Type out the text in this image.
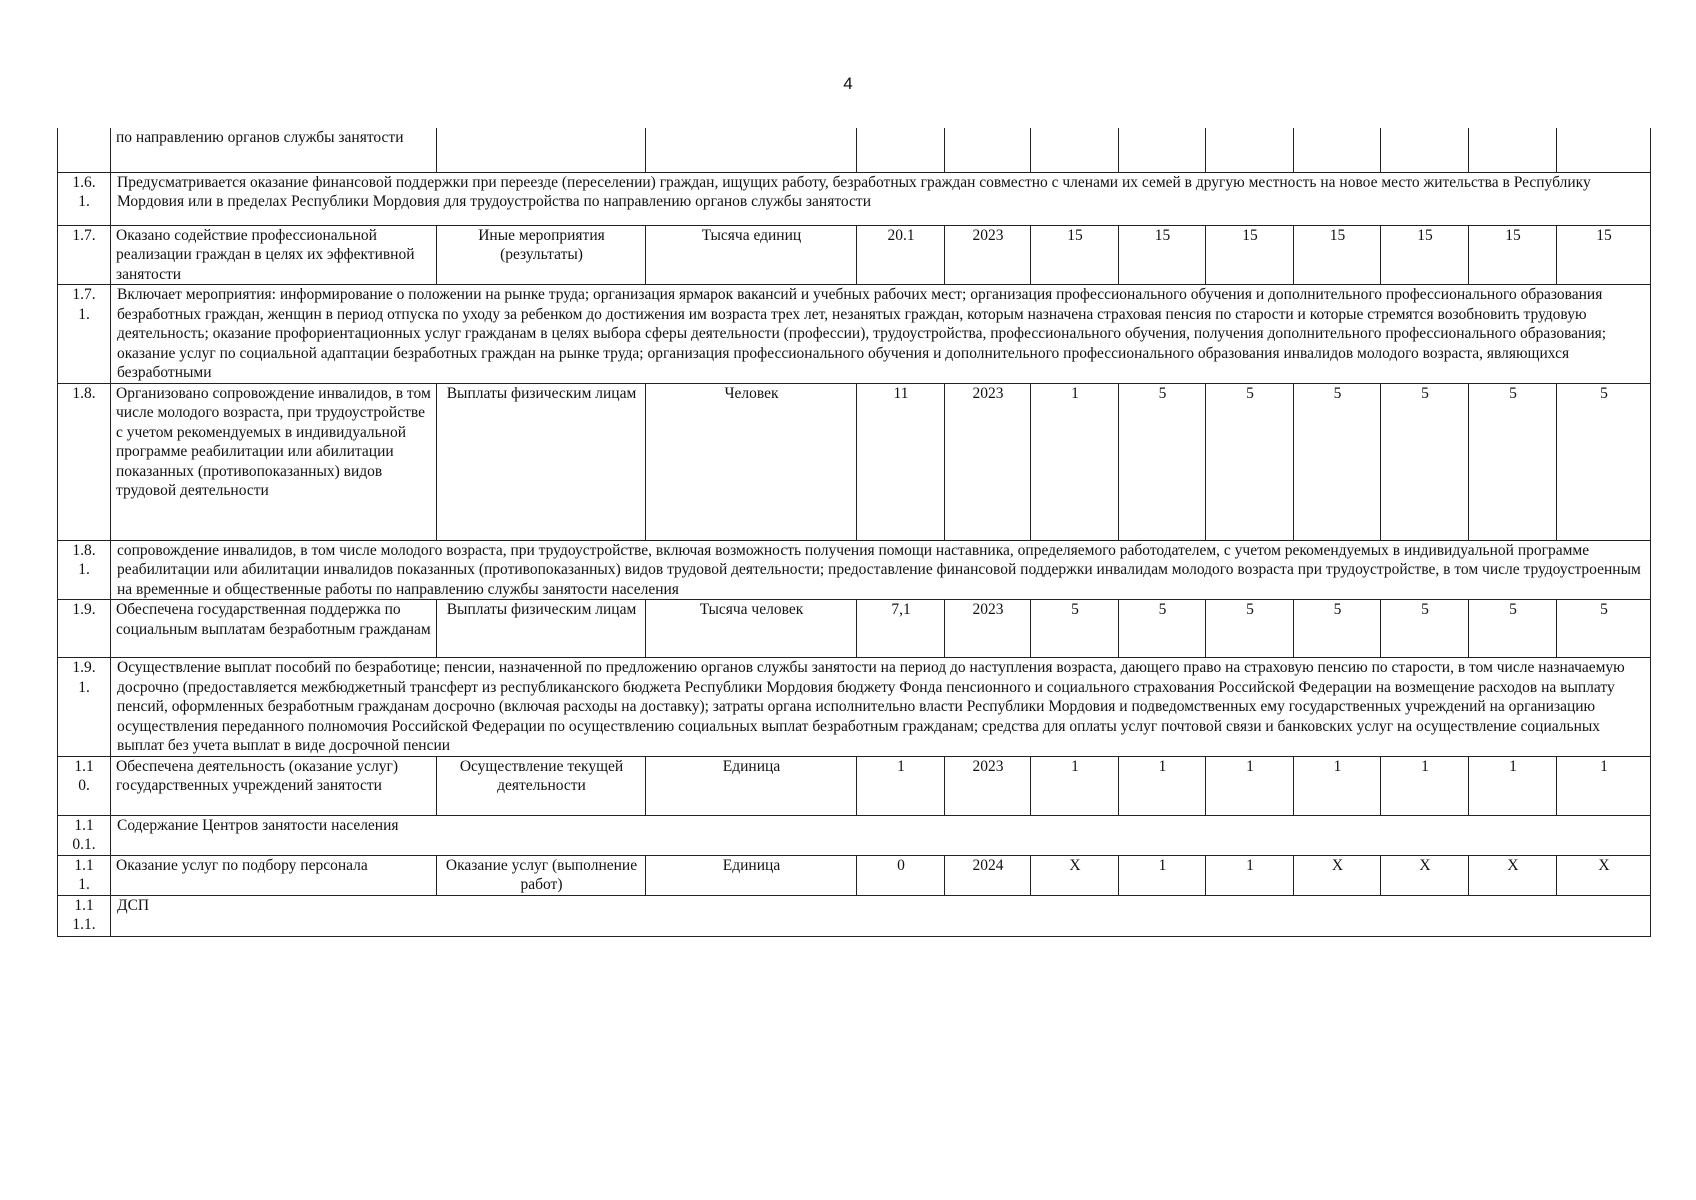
4
	по направлению органов службы занятости											
1.6.
1.	Предусматривается оказание финансовой поддержки при переезде (переселении) граждан, ищущих работу, безработных граждан совместно с членами их семей в другую местность на новое место жительства в Республику Мордовия или в пределах Республики Мордовия для трудоустройства по направлению органов службы занятости											
1.7.	Оказано содействие профессиональной реализации граждан в целях их эффективной занятости	Иные мероприятия (результаты)	Тысяча единиц	20.1	2023	15	15	15	15	15	15	15
1.7.
1.	Включает мероприятия: информирование о положении на рынке труда; организация ярмарок вакансий и учебных рабочих мест; организация профессионального обучения и дополнительного профессионального образования безработных граждан, женщин в период отпуска по уходу за ребенком до достижения им возраста трех лет, незанятых граждан, которым назначена страховая пенсия по старости и которые стремятся возобновить трудовую деятельность; оказание профориентационных услуг гражданам в целях выбора сферы деятельности (профессии), трудоустройства, профессионального обучения, получения дополнительного профессионального образования; оказание услуг по социальной адаптации безработных граждан на рынке труда; организация профессионального обучения и дополнительного профессионального образования инвалидов молодого возраста, являющихся безработными											
1.8.	Организовано сопровождение инвалидов, в том числе молодого возраста, при трудоустройстве с учетом рекомендуемых в индивидуальной программе реабилитации или абилитации показанных (противопоказанных) видов трудовой деятельности	Выплаты физическим лицам	Человек	11	2023	1	5	5	5	5	5	5
1.8.
1.	сопровождение инвалидов, в том числе молодого возраста, при трудоустройстве, включая возможность получения помощи наставника, определяемого работодателем, с учетом рекомендуемых в индивидуальной программе реабилитации или абилитации инвалидов показанных (противопоказанных) видов трудовой деятельности; предоставление финансовой поддержки инвалидам молодого возраста при трудоустройстве, в том числе трудоустроенным на временные и общественные работы по направлению службы занятости населения											
1.9.	Обеспечена государственная поддержка по социальным выплатам безработным гражданам	Выплаты физическим лицам	Тысяча человек	7,1	2023	5	5	5	5	5	5	5
1.9.
1.	Осуществление выплат пособий по безработице; пенсии, назначенной по предложению органов службы занятости на период до наступления возраста, дающего право на страховую пенсию по старости, в том числе назначаемую досрочно (предоставляется межбюджетный трансферт из республиканского бюджета Республики Мордовия бюджету Фонда пенсионного и социального страхования Российской Федерации на возмещение расходов на выплату пенсий, оформленных безработным гражданам досрочно (включая расходы на доставку); затраты органа исполнительно власти Республики Мордовия и подведомственных ему государственных учреждений на организацию осуществления переданного полномочия Российской Федерации по осуществлению социальных выплат безработным гражданам; средства для оплаты услуг почтовой связи и банковских услуг на осуществление социальных выплат без учета выплат в виде досрочной пенсии											
1.1
0.	Обеспечена деятельность (оказание услуг) государственных учреждений занятости	Осуществление текущей деятельности	Единица	1	2023	1	1	1	1	1	1	1
1.1
0.1.	Содержание Центров занятости населения											
1.1
1.	Оказание услуг по подбору персонала	Оказание услуг (выполнение работ)	Единица	0	2024	Х	1	1	Х	Х	Х	Х
1.1
1.1.	ДСП											
